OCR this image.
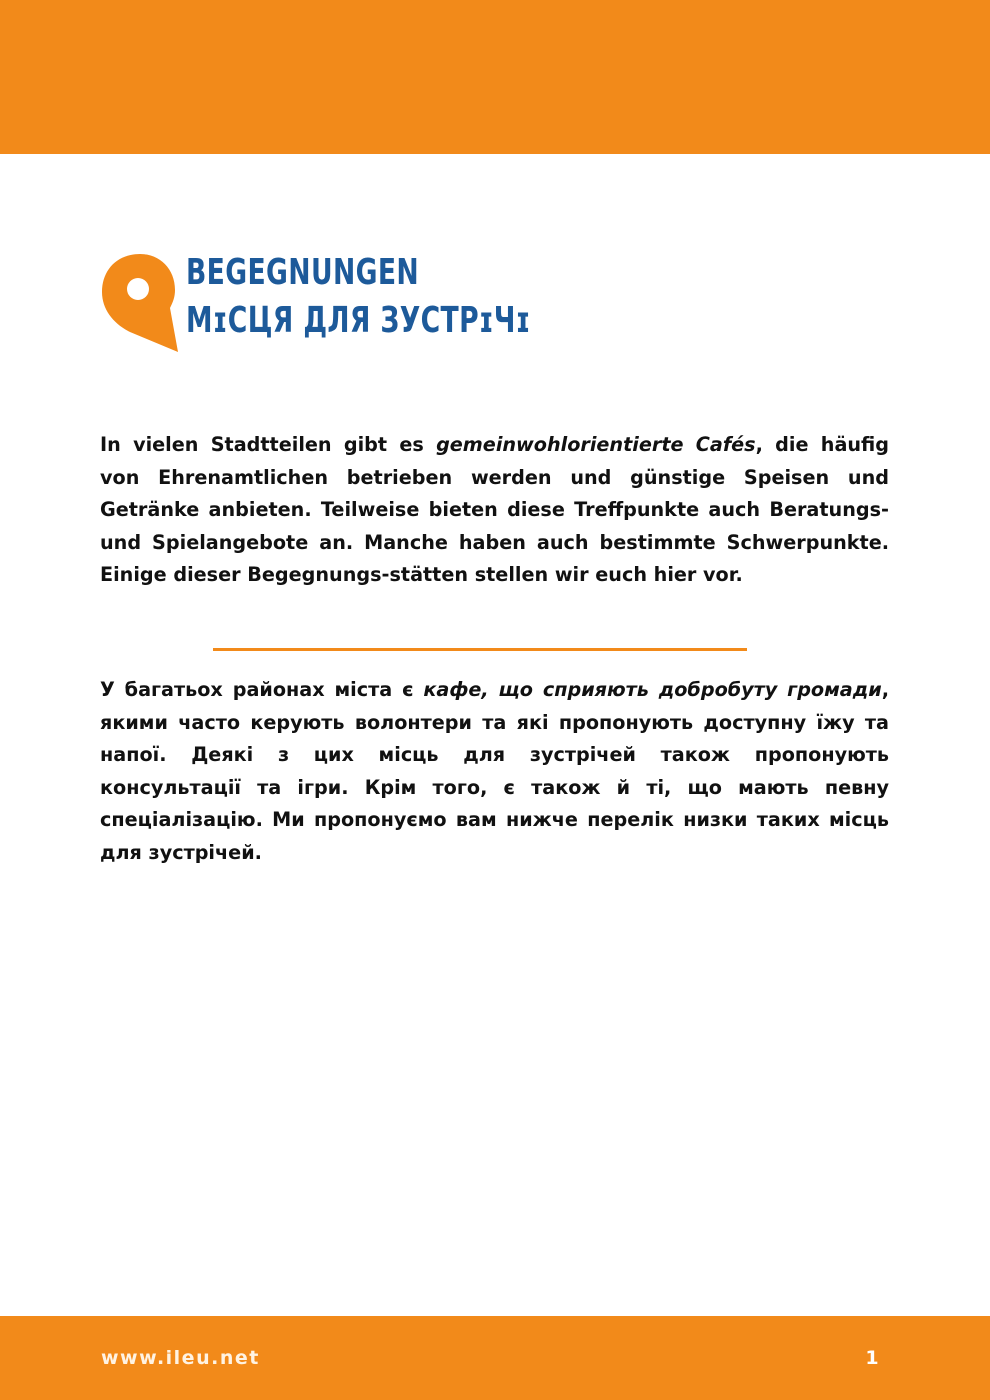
BEGEGNUNGEN
MɪCЦЯ ДЛЯ ЗУСТРɪЧɪ
In vielen Stadtteilen gibt es gemeinwohlorientierte Cafés, die häufig von Ehrenamtlichen betrieben werden und günstige Speisen und Getränke anbieten. Teilweise bieten diese Treffpunkte auch Beratungs- und Spielangebote an. Manche haben auch bestimmte Schwerpunkte. Einige dieser Begegnungs-stätten stellen wir euch hier vor.
У багатьох районах міста є кафе, що сприяють добробуту громади, якими часто керують волонтери та які пропонують доступну їжу та напої. Деякі з цих місць для зустрічей також пропонують консультації та ігри. Крім того, є також й ті, що мають певну спеціалізацію. Ми пропонуємо вам нижче перелік низки таких місць для зустрічей.
www.ileu.net	1
